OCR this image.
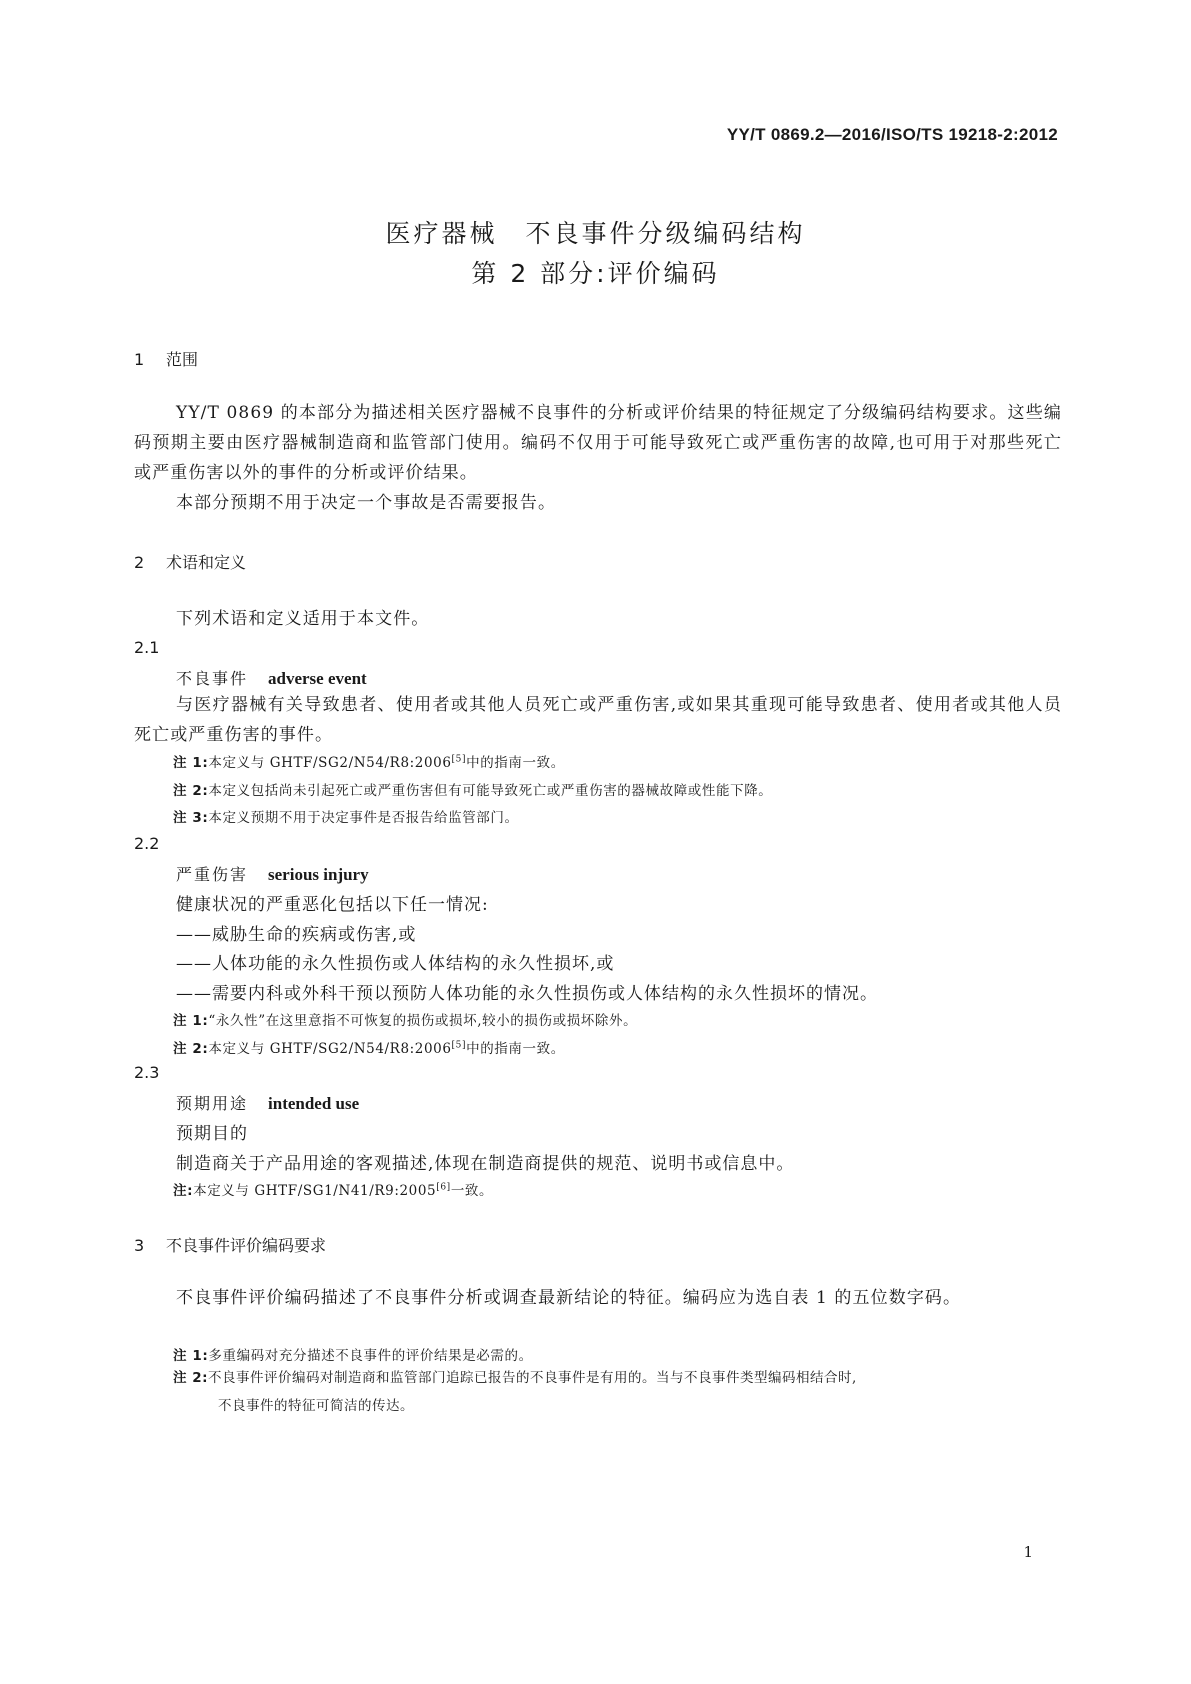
YY/T 0869.2—2016/ISO/TS 19218-2:2012
医疗器械　不良事件分级编码结构
第 2 部分:评价编码
1 范围
YY/T 0869 的本部分为描述相关医疗器械不良事件的分析或评价结果的特征规定了分级编码结构要求。这些编码预期主要由医疗器械制造商和监管部门使用。编码不仅用于可能导致死亡或严重伤害的故障,也可用于对那些死亡或严重伤害以外的事件的分析或评价结果。
本部分预期不用于决定一个事故是否需要报告。
2 术语和定义
下列术语和定义适用于本文件。
2.1
不良事件 adverse event
与医疗器械有关导致患者、使用者或其他人员死亡或严重伤害,或如果其重现可能导致患者、使用者或其他人员死亡或严重伤害的事件。
注 1:本定义与 GHTF/SG2/N54/R8:2006[5]中的指南一致。
注 2:本定义包括尚未引起死亡或严重伤害但有可能导致死亡或严重伤害的器械故障或性能下降。
注 3:本定义预期不用于决定事件是否报告给监管部门。
2.2
严重伤害 serious injury
健康状况的严重恶化包括以下任一情况:
——威胁生命的疾病或伤害,或
——人体功能的永久性损伤或人体结构的永久性损坏,或
——需要内科或外科干预以预防人体功能的永久性损伤或人体结构的永久性损坏的情况。
注 1:“永久性”在这里意指不可恢复的损伤或损坏,较小的损伤或损坏除外。
注 2:本定义与 GHTF/SG2/N54/R8:2006[5]中的指南一致。
2.3
预期用途 intended use
预期目的
制造商关于产品用途的客观描述,体现在制造商提供的规范、说明书或信息中。
注:本定义与 GHTF/SG1/N41/R9:2005[6]一致。
3 不良事件评价编码要求
不良事件评价编码描述了不良事件分析或调查最新结论的特征。编码应为选自表 1 的五位数字码。
注 1:多重编码对充分描述不良事件的评价结果是必需的。
注 2:不良事件评价编码对制造商和监管部门追踪已报告的不良事件是有用的。当与不良事件类型编码相结合时,
不良事件的特征可简洁的传达。
1
